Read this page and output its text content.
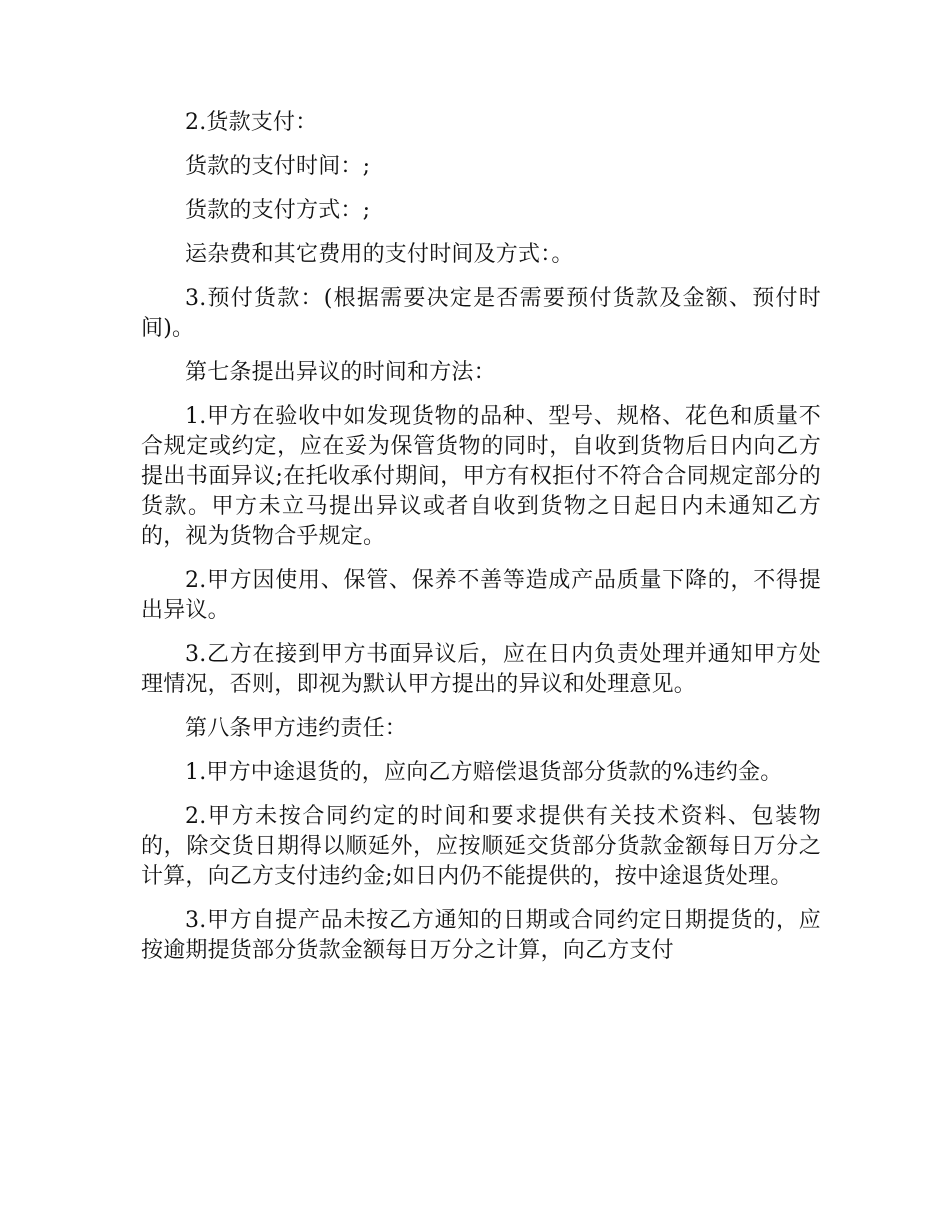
2.货款支付：

货款的支付时间：;

货款的支付方式：;

运杂费和其它费用的支付时间及方式：。

3.预付货款：(根据需要决定是否需要预付货款及金额、预付时间)。

第七条提出异议的时间和方法：

1.甲方在验收中如发现货物的品种、型号、规格、花色和质量不合规定或约定，应在妥为保管货物的同时，自收到货物后日内向乙方提出书面异议;在托收承付期间，甲方有权拒付不符合合同规定部分的货款。甲方未立马提出异议或者自收到货物之日起日内未通知乙方的，视为货物合乎规定。

2.甲方因使用、保管、保养不善等造成产品质量下降的，不得提出异议。

3.乙方在接到甲方书面异议后，应在日内负责处理并通知甲方处理情况，否则，即视为默认甲方提出的异议和处理意见。

第八条甲方违约责任：

1.甲方中途退货的，应向乙方赔偿退货部分货款的%违约金。

2.甲方未按合同约定的时间和要求提供有关技术资料、包装物的，除交货日期得以顺延外，应按顺延交货部分货款金额每日万分之计算，向乙方支付违约金;如日内仍不能提供的，按中途退货处理。

3.甲方自提产品未按乙方通知的日期或合同约定日期提货的，应按逾期提货部分货款金额每日万分之计算，向乙方支付
